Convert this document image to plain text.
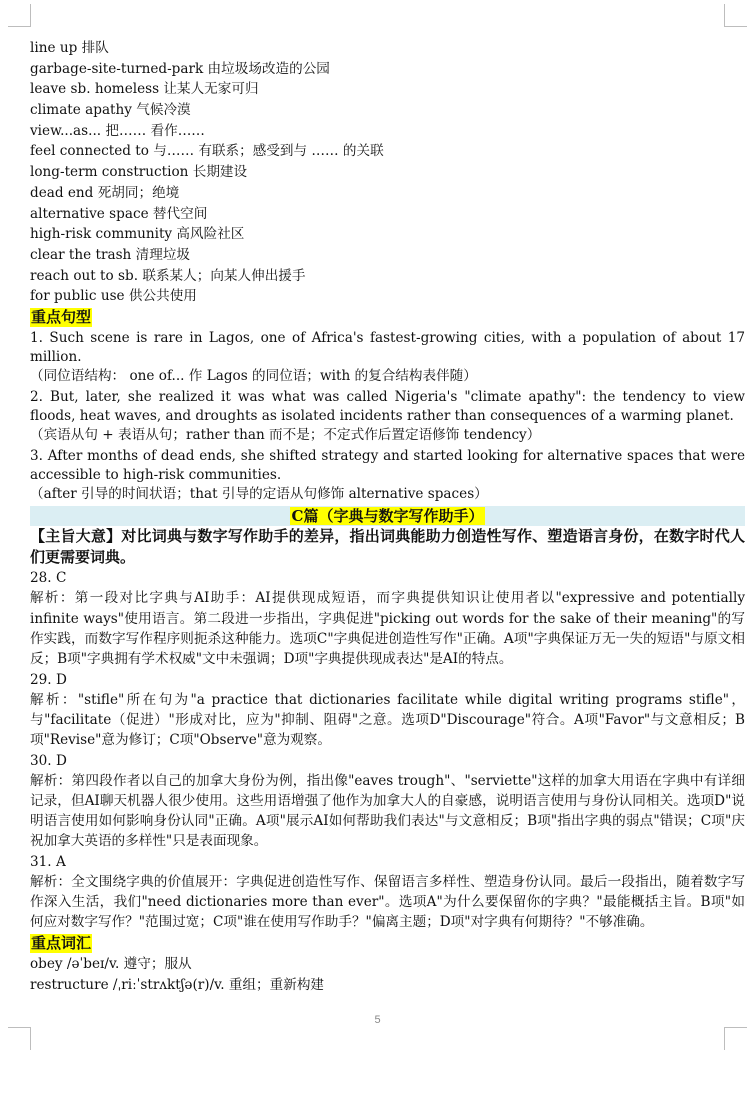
line up 排队
garbage-site-turned-park 由垃圾场改造的公园
leave sb. homeless 让某人无家可归
climate apathy 气候冷漠
view...as... 把…… 看作……
feel connected to 与…… 有联系；感受到与 …… 的关联
long-term construction 长期建设
dead end 死胡同；绝境
alternative space 替代空间
high-risk community 高风险社区
clear the trash 清理垃圾
reach out to sb. 联系某人；向某人伸出援手
for public use 供公共使用
重点句型
1. Such scene is rare in Lagos, one of Africa's fastest-growing cities, with a population of about 17 million.
（同位语结构： one of... 作 Lagos 的同位语；with 的复合结构表伴随）
2. But, later, she realized it was what was called Nigeria's "climate apathy": the tendency to view floods, heat waves, and droughts as isolated incidents rather than consequences of a warming planet.
（宾语从句 + 表语从句；rather than 而不是；不定式作后置定语修饰 tendency）
3. After months of dead ends, she shifted strategy and started looking for alternative spaces that were accessible to high-risk communities.
（after 引导的时间状语；that 引导的定语从句修饰 alternative spaces）
C篇（字典与数字写作助手）
【主旨大意】对比词典与数字写作助手的差异，指出词典能助力创造性写作、塑造语言身份，在数字时代人们更需要词典。
28. C
解析：第一段对比字典与AI助手：AI提供现成短语，而字典提供知识让使用者以"expressive and potentially infinite ways"使用语言。第二段进一步指出，字典促进"picking out words for the sake of their meaning"的写作实践，而数字写作程序则扼杀这种能力。选项C"字典促进创造性写作"正确。A项"字典保证万无一失的短语"与原文相反；B项"字典拥有学术权威"文中未强调；D项"字典提供现成表达"是AI的特点。
29. D
解析："stifle"所在句为"a practice that dictionaries facilitate while digital writing programs stifle"，与"facilitate（促进）"形成对比，应为"抑制、阻碍"之意。选项D"Discourage"符合。A项"Favor"与文意相反；B项"Revise"意为修订；C项"Observe"意为观察。
30. D
解析：第四段作者以自己的加拿大身份为例，指出像"eaves trough"、"serviette"这样的加拿大用语在字典中有详细记录，但AI聊天机器人很少使用。这些用语增强了他作为加拿大人的自豪感，说明语言使用与身份认同相关。选项D"说明语言使用如何影响身份认同"正确。A项"展示AI如何帮助我们表达"与文意相反；B项"指出字典的弱点"错误；C项"庆祝加拿大英语的多样性"只是表面现象。
31. A
解析：全文围绕字典的价值展开：字典促进创造性写作、保留语言多样性、塑造身份认同。最后一段指出，随着数字写作深入生活，我们"need dictionaries more than ever"。选项A"为什么要保留你的字典？"最能概括主旨。B项"如何应对数字写作？"范围过宽；C项"谁在使用写作助手？"偏离主题；D项"对字典有何期待？"不够准确。
重点词汇
obey /əˈbeɪ/v. 遵守；服从
restructure /ˌriːˈstrʌktʃə(r)/v. 重组；重新构建
5
